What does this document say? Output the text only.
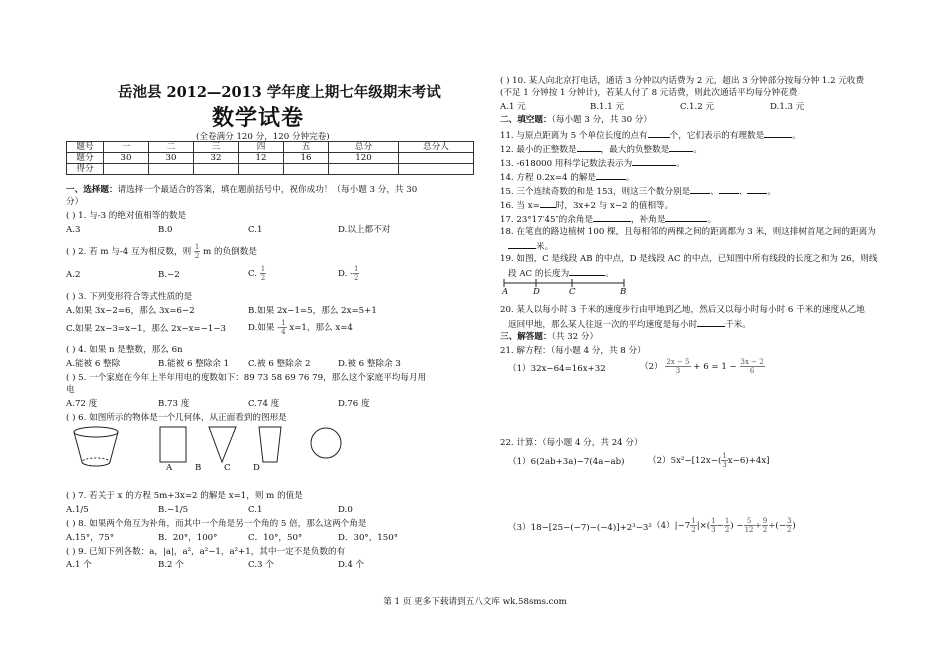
岳池县 2012—2013 学年度上期七年级期末考试
数学试卷
(全卷满分 120 分，120 分钟完卷)
题号	一	二	三	四	五	总分	总分人
题分	30	30	32	12	16	120	
得分							
一、选择题：请选择一个最适合的答案，填在题前括号中，祝你成功！（每小题 3 分，共 30
分）
( ) 1. 与-3 的绝对值相等的数是
A.3	B.0	C.1	D.以上都不对
( ) 2. 若 m 与-4 互为相反数，则 $\frac{1}{2}$ m 的负倒数是
A.2	B.−2	C. $\frac{1}{2}$	D. - $\frac{1}{2}$
( ) 3. 下列变形符合等式性质的是
A.如果 3x−2=6，那么 3x=6−2	B.如果 2x−1=5，那么 2x=5+1
C.如果 2x−3=x−1，那么 2x−x=−1−3	D.如果 - $\frac{1}{4} x=1$，那么 x=4
( ) 4. 如果 n 是整数，那么 6n
A.能被 6 整除	B.能被 6 整除余 1 C.被 6 整除余 2	D.被 6 整除余 3
( ) 5. 一个家庭在今年上半年用电的度数如下：89 73 58 69 76 79，那么这个家庭平均每月用
电
A.72 度	B.73 度	C.74 度	D.76 度
( ) 6. 如图所示的物体是一个几何体，从正面看到的图形是
A	B	C	D
( ) 7. 若关于 x 的方程 5m+3x=2 的解是 x=1，则 m 的值是
A.1/5	B.−1/5	C.1	D.0
( ) 8. 如果两个角互为补角，而其中一个角是另一个角的 5 倍，那么这两个角是
A.15°，75°	B．20°，100°	C．10°，50°	D．30°，150°
( ) 9. 已知下列各数：a，|a|，a²，a²−1，a²+1，其中一定不是负数的有
A.1 个	B.2 个	C.3 个	D.4 个
( ) 10. 某人向北京打电话，通话 3 分钟以内话费为 2 元，超出 3 分钟部分按每分钟 1.2 元收费
(不足 1 分钟按 1 分钟计)，若某人付了 8 元话费，则此次通话平均每分钟花费
A.1 元	B.1.1 元	C.1.2 元	D.1.3 元
二、填空题：（每小题 3 分，共 30 分）
11. 与原点距离为 5 个单位长度的点有	个，它们表示的有理数是	。
12. 最小的正整数是	，最大的负整数是	。
13. -618000 用科学记数法表示为	。
14. 方程 0.2x=4 的解是	。
15. 三个连续奇数的和是 153，则这三个数分别是 、 、 。
16. 当 x= 时，3x+2 与 x−2 的值相等。
17. 23°17′45″的余角是	，补角是	。
18. 在笔直的路边植树 100 棵，且每相邻的两棵之间的距离都为 3 米，则这排树首尾之间的距离为
米。
19. 如图，C 是线段 AB 的中点，D 是线段 AC 的中点，已知图中所有线段的长度之和为 26，则线
段 AC 的长度为	。
A	D	C	B
20. 某人以每小时 3 千米的速度步行由甲地到乙地，然后又以每小时每小时 6 千米的速度从乙地
返回甲地，那么某人往返一次的平均速度是每小时	千米。
三、解答题：（共 32 分）
21. 解方程：（每小题 4 分，共 8 分）
（1）32x−64=16x+32	$(2) \frac{2x - 5}{3} + 6 = 1 - \frac{3x - 2}{6}$
22. 计算：（每小题 4 分，共 24 分）
（1）6(2ab+3a)−7(4a−ab)	$(2)5x^2-[12x-( \frac{1}{3} x-6)+4x]$
（3）18−[25−(−7)−(−4)]+2³−3² $(4)|-7 \frac{1}{2}$ |×( $\frac{1}{3} - \frac{1}{2}$ ) − $\frac{5}{12} \div \frac{9}{2}$ ÷(− $\frac{3}{2}$ )
第 1 页 更多下载请到五八文库 wk.58sms.com
